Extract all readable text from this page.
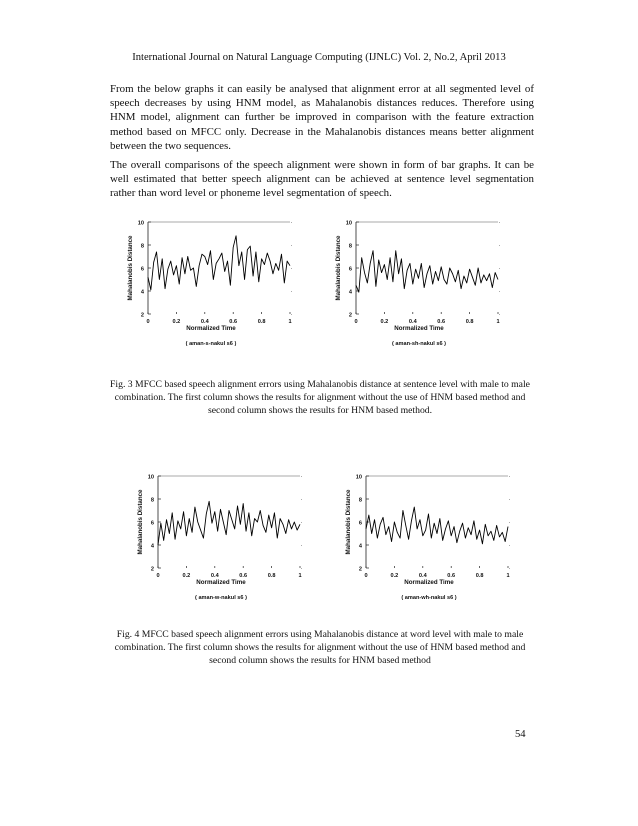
International Journal on Natural Language Computing (IJNLC) Vol. 2, No.2, April 2013

From the below graphs it can easily be analysed that alignment error at all segmented level of speech decreases by using HNM model, as Mahalanobis distances reduces. Therefore using HNM model, alignment can further be improved in comparison with the feature extraction method based on MFCC only. Decrease in the Mahalanobis distances means better alignment between the two sequences.

The overall comparisons of the speech alignment were shown in form of bar graphs. It can be well estimated that better speech alignment can be achieved at sentence level segmentation rather than word level or phoneme level segmentation of speech.

2	·
4	·
6	·
8	·
10	·
0	0.2	0.4	0.6	0.8	1
Normalized Time
Mahalanobis Distance
( aman-s-nakul s6 )
2	·
4	·
6	·
8	·
10	·
0	0.2	0.4	0.6	0.8	1
Normalized Time
Mahalanobis Distance
( aman-sh-nakul s6 )
Fig. 3 MFCC based speech alignment errors using Mahalanobis distance at sentence level with male to male combination. The first column shows the results for alignment without the use of HNM based method and second column shows the results for HNM based method.
2	·
4	·
6	·
8	·
10	·
0	0.2	0.4	0.6	0.8	1
Normalized Time
Mahalanobis Distance
( aman-w-nakul s6 )
2	·
4	·
6	·
8	·
10	·
0	0.2	0.4	0.6	0.8	1
Normalized Time
Mahalanobis Distance
( aman-wh-nakul s6 )
Fig. 4 MFCC based speech alignment errors using Mahalanobis distance at word level with male to male combination. The first column shows the results for alignment without the use of HNM based method and second column shows the results for HNM based method
54
